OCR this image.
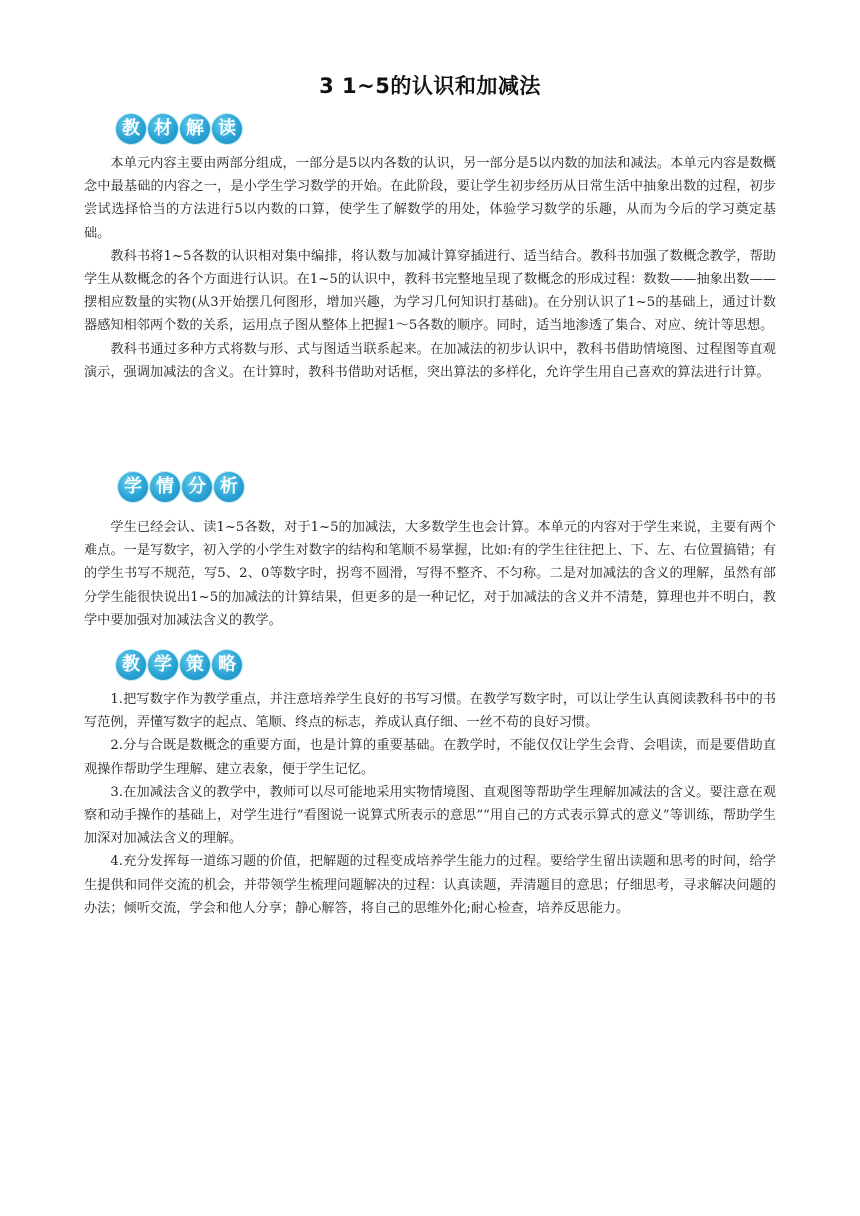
3 1~5的认识和加减法
教 材 解 读

本单元内容主要由两部分组成，一部分是5以内各数的认识，另一部分是5以内数的加法和减法。本单元内容是数概念中最基础的内容之一，是小学生学习数学的开始。在此阶段，要让学生初步经历从日常生活中抽象出数的过程，初步尝试选择恰当的方法进行5以内数的口算，使学生了解数学的用处，体验学习数学的乐趣，从而为今后的学习奠定基础。

教科书将1~5各数的认识相对集中编排，将认数与加减计算穿插进行、适当结合。教科书加强了数概念教学，帮助学生从数概念的各个方面进行认识。在1~5的认识中，教科书完整地呈现了数概念的形成过程：数数——抽象出数——摆相应数量的实物(从3开始摆几何图形，增加兴趣，为学习几何知识打基础)。在分别认识了1~5的基础上，通过计数器感知相邻两个数的关系，运用点子图从整体上把握1～5各数的顺序。同时，适当地渗透了集合、对应、统计等思想。

教科书通过多种方式将数与形、式与图适当联系起来。在加减法的初步认识中，教科书借助情境图、过程图等直观演示，强调加减法的含义。在计算时，教科书借助对话框，突出算法的多样化，允许学生用自己喜欢的算法进行计算。

学 情 分 析

学生已经会认、读1~5各数，对于1~5的加减法，大多数学生也会计算。本单元的内容对于学生来说，主要有两个难点。一是写数字，初入学的小学生对数字的结构和笔顺不易掌握，比如:有的学生往往把上、下、左、右位置搞错；有的学生书写不规范，写5、2、0等数字时，拐弯不圆滑，写得不整齐、不匀称。二是对加减法的含义的理解，虽然有部分学生能很快说出1~5的加减法的计算结果，但更多的是一种记忆，对于加减法的含义并不清楚，算理也并不明白，教学中要加强对加减法含义的教学。

教 学 策 略

1.把写数字作为教学重点，并注意培养学生良好的书写习惯。在教学写数字时，可以让学生认真阅读教科书中的书写范例，弄懂写数字的起点、笔顺、终点的标志，养成认真仔细、一丝不苟的良好习惯。

2.分与合既是数概念的重要方面，也是计算的重要基础。在教学时，不能仅仅让学生会背、会唱读，而是要借助直观操作帮助学生理解、建立表象，便于学生记忆。

3.在加减法含义的教学中，教师可以尽可能地采用实物情境图、直观图等帮助学生理解加减法的含义。要注意在观察和动手操作的基础上，对学生进行“看图说一说算式所表示的意思”“用自己的方式表示算式的意义”等训练，帮助学生加深对加减法含义的理解。

4.充分发挥每一道练习题的价值，把解题的过程变成培养学生能力的过程。要给学生留出读题和思考的时间，给学生提供和同伴交流的机会，并带领学生梳理问题解决的过程：认真读题，弄清题目的意思；仔细思考，寻求解决问题的办法；倾听交流，学会和他人分享；静心解答，将自己的思维外化;耐心检查，培养反思能力。
